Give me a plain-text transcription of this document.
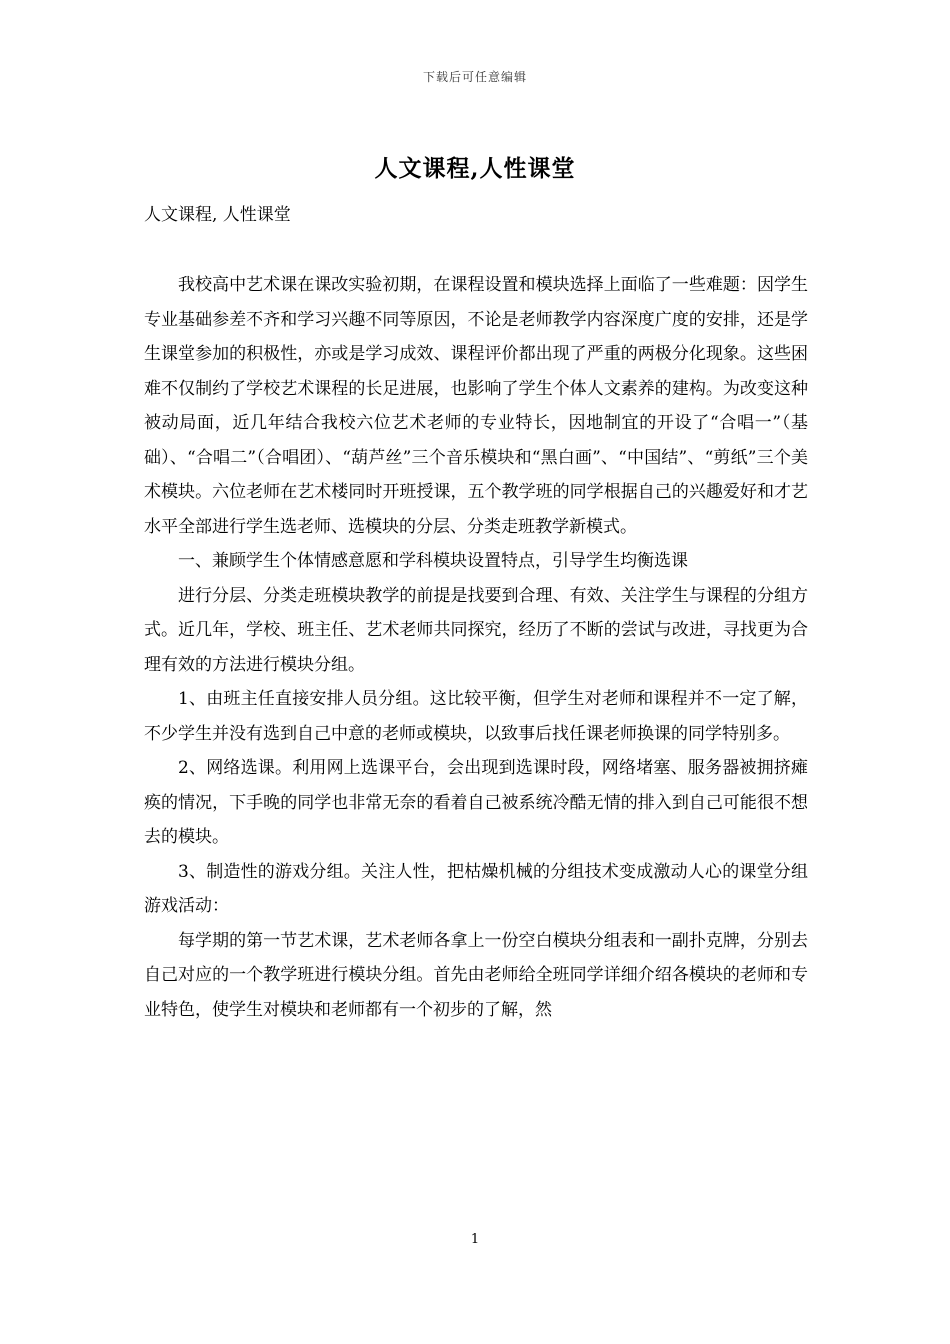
下载后可任意编辑
人文课程,人性课堂
人文课程, 人性课堂

我校高中艺术课在课改实验初期，在课程设置和模块选择上面临了一些难题：因学生专业基础参差不齐和学习兴趣不同等原因，不论是老师教学内容深度广度的安排，还是学生课堂参加的积极性，亦或是学习成效、课程评价都出现了严重的两极分化现象。这些困难不仅制约了学校艺术课程的长足进展，也影响了学生个体人文素养的建构。为改变这种被动局面，近几年结合我校六位艺术老师的专业特长，因地制宜的开设了“合唱一”（基础）、“合唱二”（合唱团）、“葫芦丝”三个音乐模块和“黑白画”、“中国结”、“剪纸”三个美术模块。六位老师在艺术楼同时开班授课，五个教学班的同学根据自己的兴趣爱好和才艺水平全部进行学生选老师、选模块的分层、分类走班教学新模式。

一、兼顾学生个体情感意愿和学科模块设置特点，引导学生均衡选课

进行分层、分类走班模块教学的前提是找要到合理、有效、关注学生与课程的分组方式。近几年，学校、班主任、艺术老师共同探究，经历了不断的尝试与改进，寻找更为合理有效的方法进行模块分组。

1、由班主任直接安排人员分组。这比较平衡，但学生对老师和课程并不一定了解，不少学生并没有选到自己中意的老师或模块，以致事后找任课老师换课的同学特别多。

2、网络选课。利用网上选课平台，会出现到选课时段，网络堵塞、服务器被拥挤瘫痪的情况，下手晚的同学也非常无奈的看着自己被系统冷酷无情的排入到自己可能很不想去的模块。

3、制造性的游戏分组。关注人性，把枯燥机械的分组技术变成激动人心的课堂分组游戏活动：

每学期的第一节艺术课，艺术老师各拿上一份空白模块分组表和一副扑克牌，分别去自己对应的一个教学班进行模块分组。首先由老师给全班同学详细介绍各模块的老师和专业特色，使学生对模块和老师都有一个初步的了解，然

1
